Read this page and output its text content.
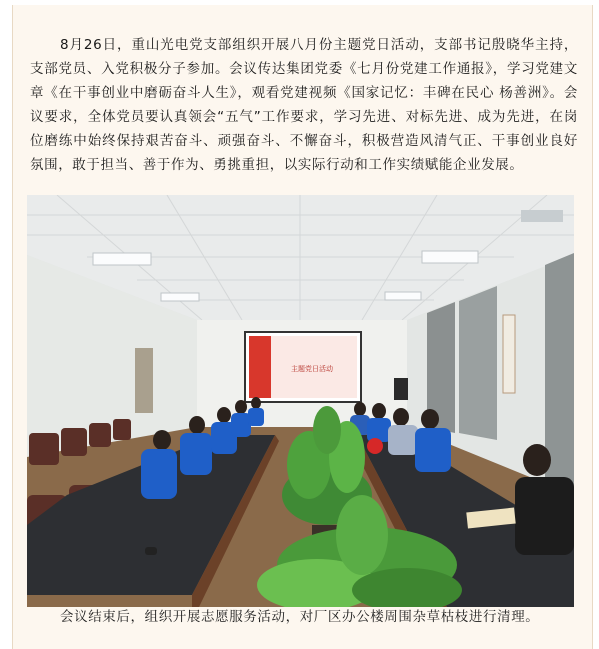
8月26日，重山光电党支部组织开展八月份主题党日活动，支部书记殷晓华主持，支部党员、入党积极分子参加。会议传达集团党委《七月份党建工作通报》，学习党建文章《在干事创业中磨砺奋斗人生》，观看党建视频《国家记忆：丰碑在民心 杨善洲》。会议要求，全体党员要认真领会“五气”工作要求，学习先进、对标先进、成为先进，在岗位磨练中始终保持艰苦奋斗、顽强奋斗、不懈奋斗，积极营造风清气正、干事创业良好氛围，敢于担当、善于作为、勇挑重担，以实际行动和工作实绩赋能企业发展。

主题党日活动

会议结束后，组织开展志愿服务活动，对厂区办公楼周围杂草枯枝进行清理。
